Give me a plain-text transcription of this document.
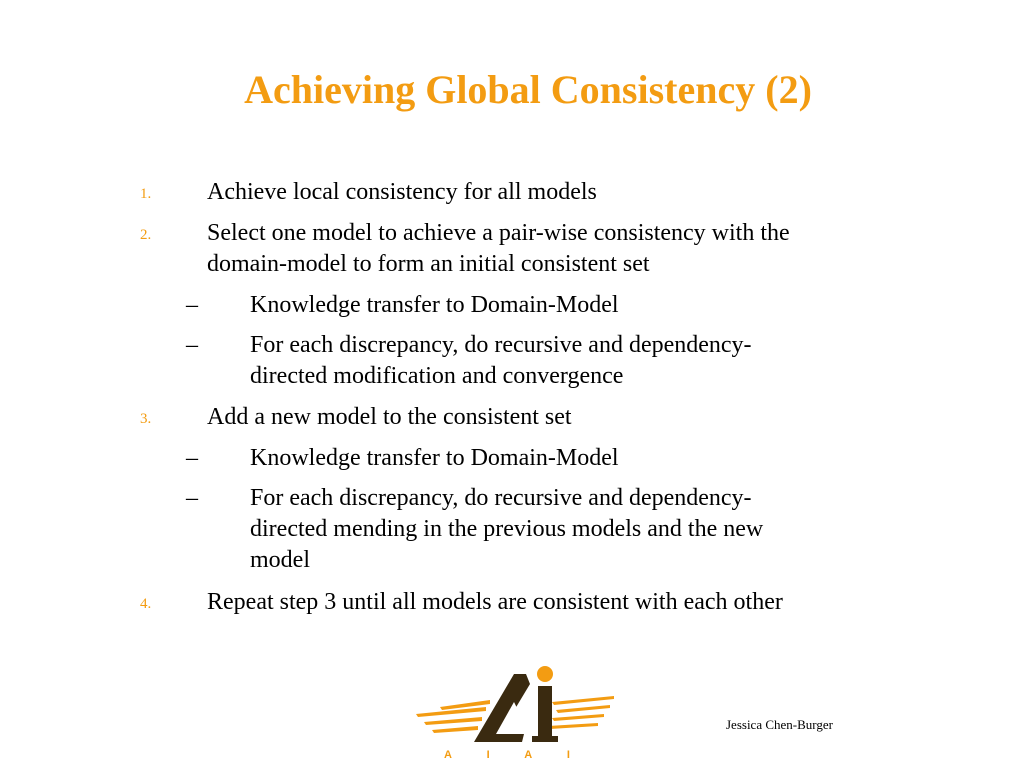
Achieving Global Consistency (2)
1. Achieve local consistency for all models
2. Select one model to achieve a pair-wise consistency with the
domain-model to form an initial consistent set
– Knowledge transfer to Domain-Model
– For each discrepancy, do recursive and dependency-
directed modification and convergence
3. Add a new model to the consistent set
– Knowledge transfer to Domain-Model
– For each discrepancy, do recursive and dependency-
directed mending in the previous models and the new
model
4. Repeat step 3 until all models are consistent with each other
A I A I
Jessica Chen-Burger
